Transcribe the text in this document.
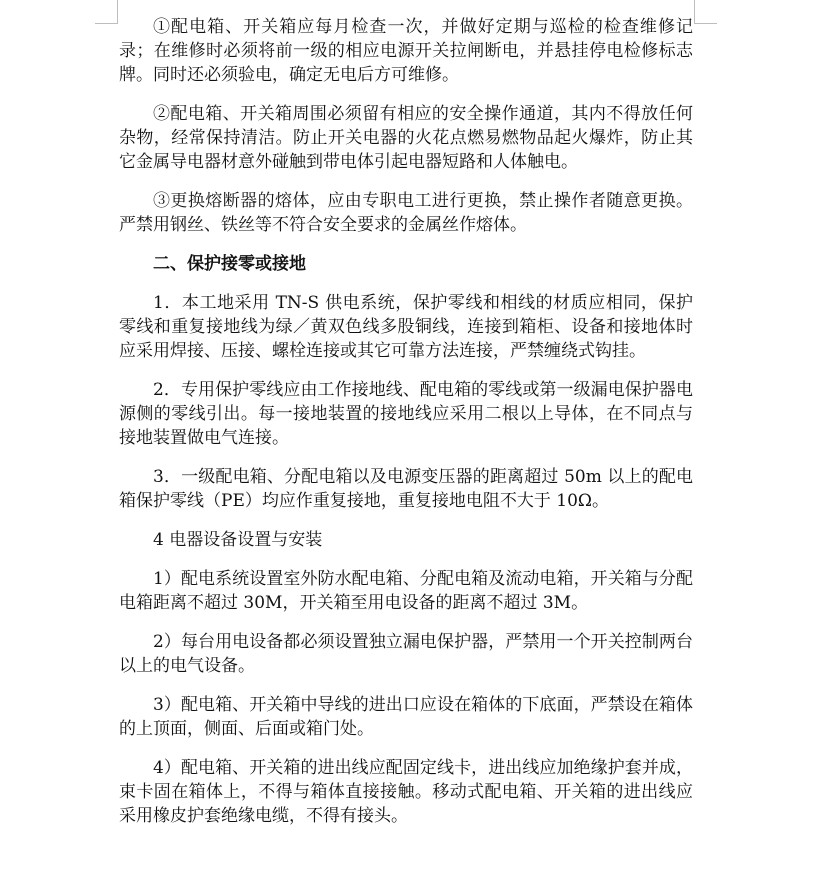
①配电箱、开关箱应每月检查一次，并做好定期与巡检的检查维修记录；在维修时必须将前一级的相应电源开关拉闸断电，并悬挂停电检修标志牌。同时还必须验电，确定无电后方可维修。

②配电箱、开关箱周围必须留有相应的安全操作通道，其内不得放任何杂物，经常保持清洁。防止开关电器的火花点燃易燃物品起火爆炸，防止其它金属导电器材意外碰触到带电体引起电器短路和人体触电。

③更换熔断器的熔体，应由专职电工进行更换，禁止操作者随意更换。严禁用钢丝、铁丝等不符合安全要求的金属丝作熔体。

二、保护接零或接地

1．本工地采用 TN-S 供电系统，保护零线和相线的材质应相同，保护零线和重复接地线为绿／黄双色线多股铜线，连接到箱柜、设备和接地体时应采用焊接、压接、螺栓连接或其它可靠方法连接，严禁缠绕式钩挂。

2．专用保护零线应由工作接地线、配电箱的零线或第一级漏电保护器电源侧的零线引出。每一接地装置的接地线应采用二根以上导体，在不同点与接地装置做电气连接。

3．一级配电箱、分配电箱以及电源变压器的距离超过 50m 以上的配电箱保护零线（PE）均应作重复接地，重复接地电阻不大于 10Ω。

4 电器设备设置与安装

1）配电系统设置室外防水配电箱、分配电箱及流动电箱，开关箱与分配电箱距离不超过 30M，开关箱至用电设备的距离不超过 3M。

2）每台用电设备都必须设置独立漏电保护器，严禁用一个开关控制两台以上的电气设备。

3）配电箱、开关箱中导线的进出口应设在箱体的下底面，严禁设在箱体的上顶面，侧面、后面或箱门处。

4）配电箱、开关箱的进出线应配固定线卡，进出线应加绝缘护套并成，束卡固在箱体上，不得与箱体直接接触。移动式配电箱、开关箱的进出线应采用橡皮护套绝缘电缆，不得有接头。
